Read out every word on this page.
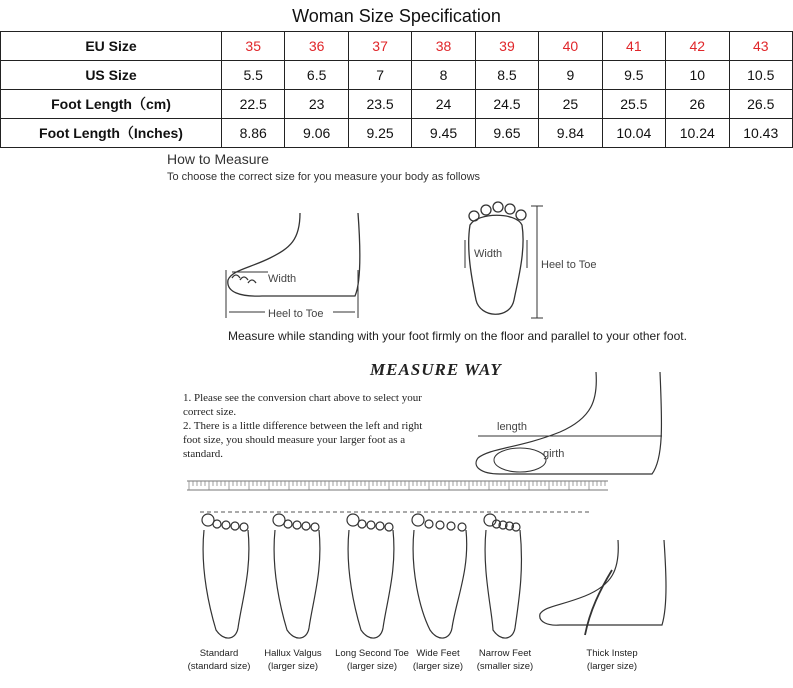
Woman Size Specification
EU Size	35	36	37	38	39	40	41	42	43
US Size	5.5	6.5	7	8	8.5	9	9.5	10	10.5
Foot Length（cm)	22.5	23	23.5	24	24.5	25	25.5	26	26.5
Foot Length（Inches)	8.86	9.06	9.25	9.45	9.65	9.84	10.04	10.24	10.43
How to Measure
To choose the correct size for you measure your body as follows
Width
Heel to Toe
Width
Heel to Toe
length
girth
Measure while standing with your foot firmly on the floor and parallel to your other foot.
MEASURE WAY
1. Please see the conversion chart above to select your correct size.
2. There is a little difference between the left and right foot size, you should measure your larger foot as a standard.
Standard
(standard size)
Hallux Valgus
(larger size)
Long Second Toe
(larger size)
Wide Feet
(larger size)
Narrow Feet
(smaller size)
Thick Instep
(larger size)
